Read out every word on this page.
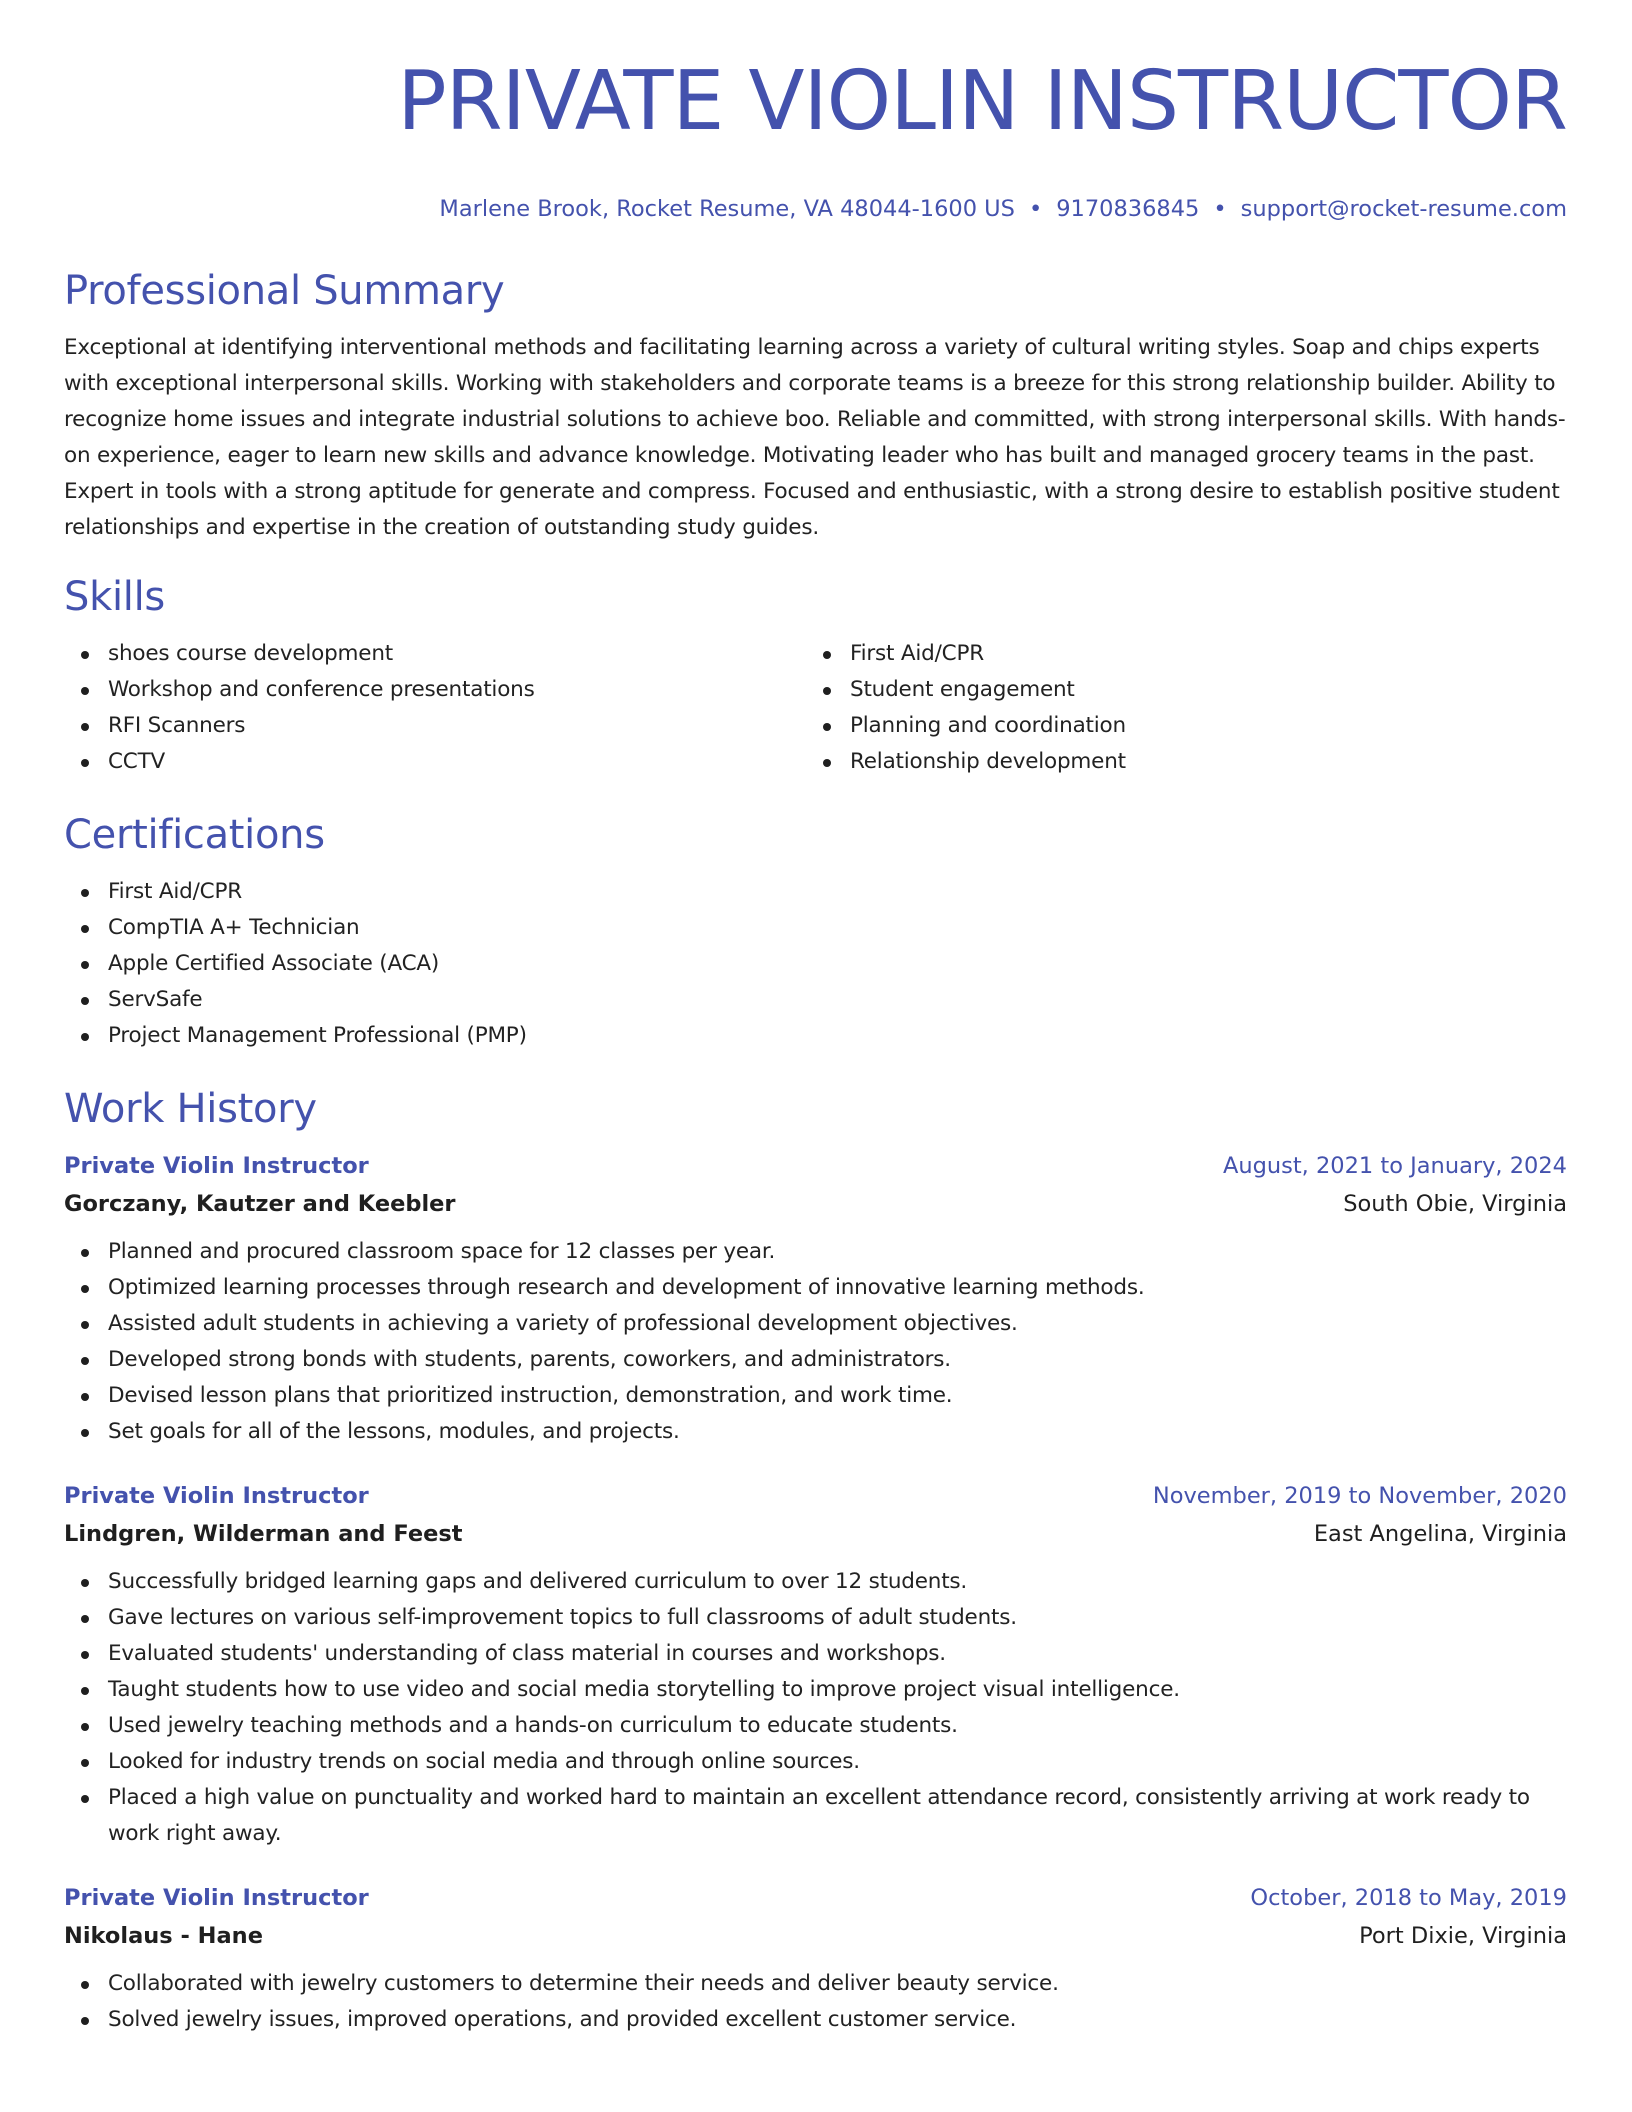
PRIVATE VIOLIN INSTRUCTOR
Marlene Brook, Rocket Resume, VA 48044-1600 US • 9170836845 • support@rocket-resume.com
Professional Summary

Exceptional at identifying interventional methods and facilitating learning across a variety of cultural writing styles. Soap and chips experts with exceptional interpersonal skills. Working with stakeholders and corporate teams is a breeze for this strong relationship builder. Ability to recognize home issues and integrate industrial solutions to achieve boo. Reliable and committed, with strong interpersonal skills. With hands-on experience, eager to learn new skills and advance knowledge. Motivating leader who has built and managed grocery teams in the past. Expert in tools with a strong aptitude for generate and compress. Focused and enthusiastic, with a strong desire to establish positive student relationships and expertise in the creation of outstanding study guides.

Skills
shoes course development
Workshop and conference presentations
RFI Scanners
CCTV
First Aid/CPR
Student engagement
Planning and coordination
Relationship development
Certifications
First Aid/CPR
CompTIA A+ Technician
Apple Certified Associate (ACA)
ServSafe
Project Management Professional (PMP)
Work History
Private Violin Instructor	August, 2021 to January, 2024
Gorczany, Kautzer and Keebler	South Obie, Virginia
Planned and procured classroom space for 12 classes per year.
Optimized learning processes through research and development of innovative learning methods.
Assisted adult students in achieving a variety of professional development objectives.
Developed strong bonds with students, parents, coworkers, and administrators.
Devised lesson plans that prioritized instruction, demonstration, and work time.
Set goals for all of the lessons, modules, and projects.
Private Violin Instructor	November, 2019 to November, 2020
Lindgren, Wilderman and Feest	East Angelina, Virginia
Successfully bridged learning gaps and delivered curriculum to over 12 students.
Gave lectures on various self-improvement topics to full classrooms of adult students.
Evaluated students' understanding of class material in courses and workshops.
Taught students how to use video and social media storytelling to improve project visual intelligence.
Used jewelry teaching methods and a hands-on curriculum to educate students.
Looked for industry trends on social media and through online sources.
Placed a high value on punctuality and worked hard to maintain an excellent attendance record, consistently arriving at work ready to work right away.
Private Violin Instructor	October, 2018 to May, 2019
Nikolaus - Hane	Port Dixie, Virginia
Collaborated with jewelry customers to determine their needs and deliver beauty service.
Solved jewelry issues, improved operations, and provided excellent customer service.
